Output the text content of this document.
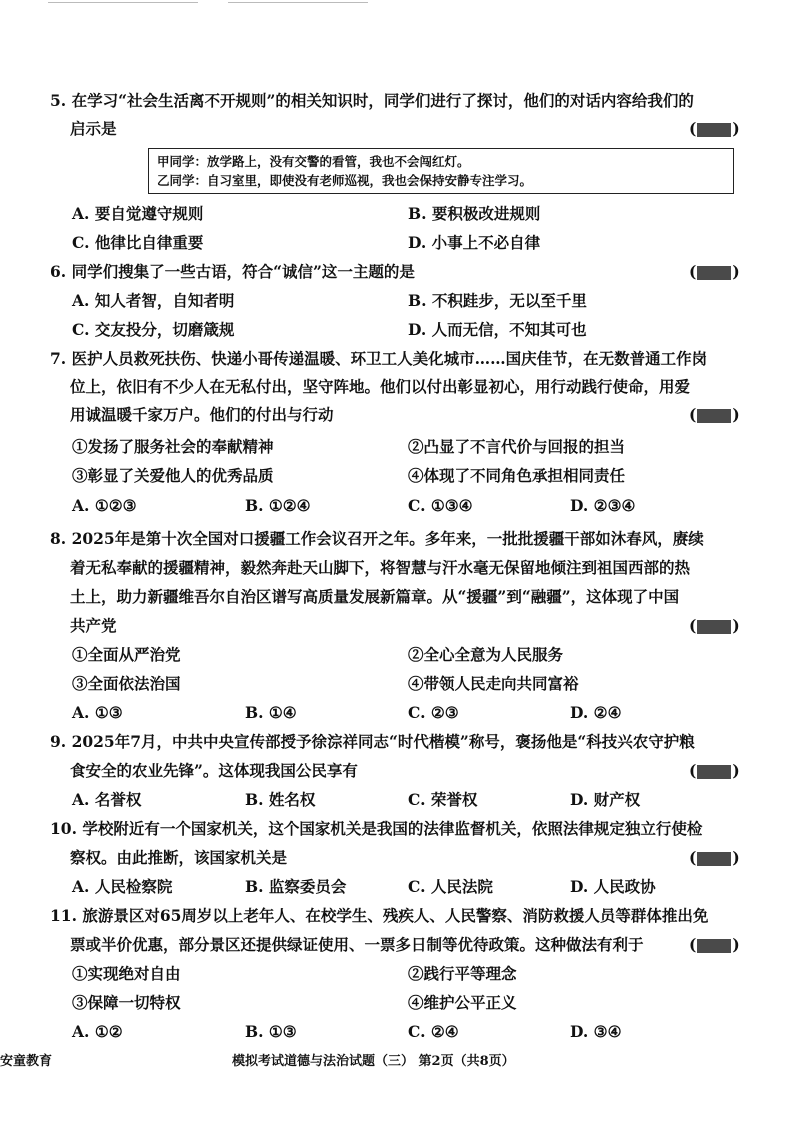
5. 在学习“社会生活离不开规则”的相关知识时，同学们进行了探讨，他们的对话内容给我们的
启示是	( )
甲同学：放学路上，没有交警的看管，我也不会闯红灯。
乙同学：自习室里，即使没有老师巡视，我也会保持安静专注学习。
A. 要自觉遵守规则	B. 要积极改进规则
C. 他律比自律重要	D. 小事上不必自律
6. 同学们搜集了一些古语，符合“诚信”这一主题的是	( )
A. 知人者智，自知者明	B. 不积跬步，无以至千里
C. 交友投分，切磨箴规	D. 人而无信，不知其可也
7. 医护人员救死扶伤、快递小哥传递温暖、环卫工人美化城市……国庆佳节，在无数普通工作岗
位上，依旧有不少人在无私付出，坚守阵地。他们以付出彰显初心，用行动践行使命，用爱
用诚温暖千家万户。他们的付出与行动	( )
①发扬了服务社会的奉献精神	②凸显了不言代价与回报的担当
③彰显了关爱他人的优秀品质	④体现了不同角色承担相同责任
A. ①②③	B. ①②④	C. ①③④	D. ②③④
8. 2025年是第十次全国对口援疆工作会议召开之年。多年来，一批批援疆干部如沐春风，赓续
着无私奉献的援疆精神，毅然奔赴天山脚下，将智慧与汗水毫无保留地倾注到祖国西部的热
土上，助力新疆维吾尔自治区谱写高质量发展新篇章。从“援疆”到“融疆”，这体现了中国
共产党	( )
①全面从严治党	②全心全意为人民服务
③全面依法治国	④带领人民走向共同富裕
A. ①③	B. ①④	C. ②③	D. ②④
9. 2025年7月，中共中央宣传部授予徐淙祥同志“时代楷模”称号，褒扬他是“科技兴农守护粮
食安全的农业先锋”。这体现我国公民享有	( )
A. 名誉权	B. 姓名权	C. 荣誉权	D. 财产权
10. 学校附近有一个国家机关，这个国家机关是我国的法律监督机关，依照法律规定独立行使检
察权。由此推断，该国家机关是	( )
A. 人民检察院	B. 监察委员会	C. 人民法院	D. 人民政协
11. 旅游景区对65周岁以上老年人、在校学生、残疾人、人民警察、消防救援人员等群体推出免
票或半价优惠，部分景区还提供绿证使用、一票多日制等优待政策。这种做法有利于	( )
①实现绝对自由	②践行平等理念
③保障一切特权	④维护公平正义
A. ①②	B. ①③	C. ②④	D. ③④
安童教育	模拟考试道德与法治试题（三） 第2页（共8页）
